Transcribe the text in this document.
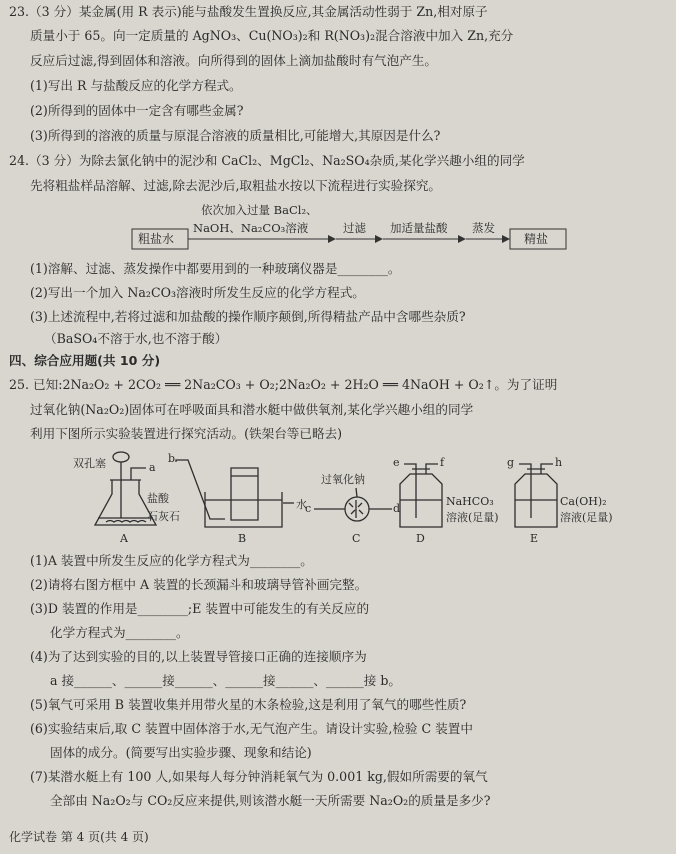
23.（3 分）某金属(用 R 表示)能与盐酸发生置换反应,其金属活动性弱于 Zn,相对原子
质量小于 65。向一定质量的 AgNO₃、Cu(NO₃)₂和 R(NO₃)₂混合溶液中加入 Zn,充分
反应后过滤,得到固体和溶液。向所得到的固体上滴加盐酸时有气泡产生。
(1)写出 R 与盐酸反应的化学方程式。
(2)所得到的固体中一定含有哪些金属?
(3)所得到的溶液的质量与原混合溶液的质量相比,可能增大,其原因是什么?
24.（3 分）为除去氯化钠中的泥沙和 CaCl₂、MgCl₂、Na₂SO₄杂质,某化学兴趣小组的同学
先将粗盐样品溶解、过滤,除去泥沙后,取粗盐水按以下流程进行实验探究。
粗盐水
依次加入过量 BaCl₂、
NaOH、Na₂CO₃溶液	过滤 加适量盐酸 蒸发
精盐
(1)溶解、过滤、蒸发操作中都要用到的一种玻璃仪器是________。
(2)写出一个加入 Na₂CO₃溶液时所发生反应的化学方程式。
(3)上述流程中,若将过滤和加盐酸的操作顺序颠倒,所得精盐产品中含哪些杂质?
（BaSO₄不溶于水,也不溶于酸）
四、综合应用题(共 10 分)
25. 已知:2Na₂O₂ + 2CO₂ ══ 2Na₂CO₃ + O₂;2Na₂O₂ + 2H₂O ══ 4NaOH + O₂↑。为了证明
过氧化钠(Na₂O₂)固体可在呼吸面具和潜水艇中做供氧剂,某化学兴趣小组的同学
利用下图所示实验装置进行探究活动。(铁架台等已略去)
双孔塞	a
盐酸
石灰石
A
b
水
B
过氧化钠
c	d
C
e	f
NaHCO₃
溶液(足量)
D
g	h
Ca(OH)₂
溶液(足量)
E
(1)A 装置中所发生反应的化学方程式为________。
(2)请将右图方框中 A 装置的长颈漏斗和玻璃导管补画完整。
(3)D 装置的作用是________;E 装置中可能发生的有关反应的
化学方程式为________。
(4)为了达到实验的目的,以上装置导管接口正确的连接顺序为
a 接______、______接______、______接______、______接 b。
(5)氧气可采用 B 装置收集并用带火星的木条检验,这是利用了氧气的哪些性质?
(6)实验结束后,取 C 装置中固体溶于水,无气泡产生。请设计实验,检验 C 装置中
固体的成分。(简要写出实验步骤、现象和结论)
(7)某潜水艇上有 100 人,如果每人每分钟消耗氧气为 0.001 kg,假如所需要的氧气
全部由 Na₂O₂与 CO₂反应来提供,则该潜水艇一天所需要 Na₂O₂的质量是多少?
化学试卷 第 4 页(共 4 页)
